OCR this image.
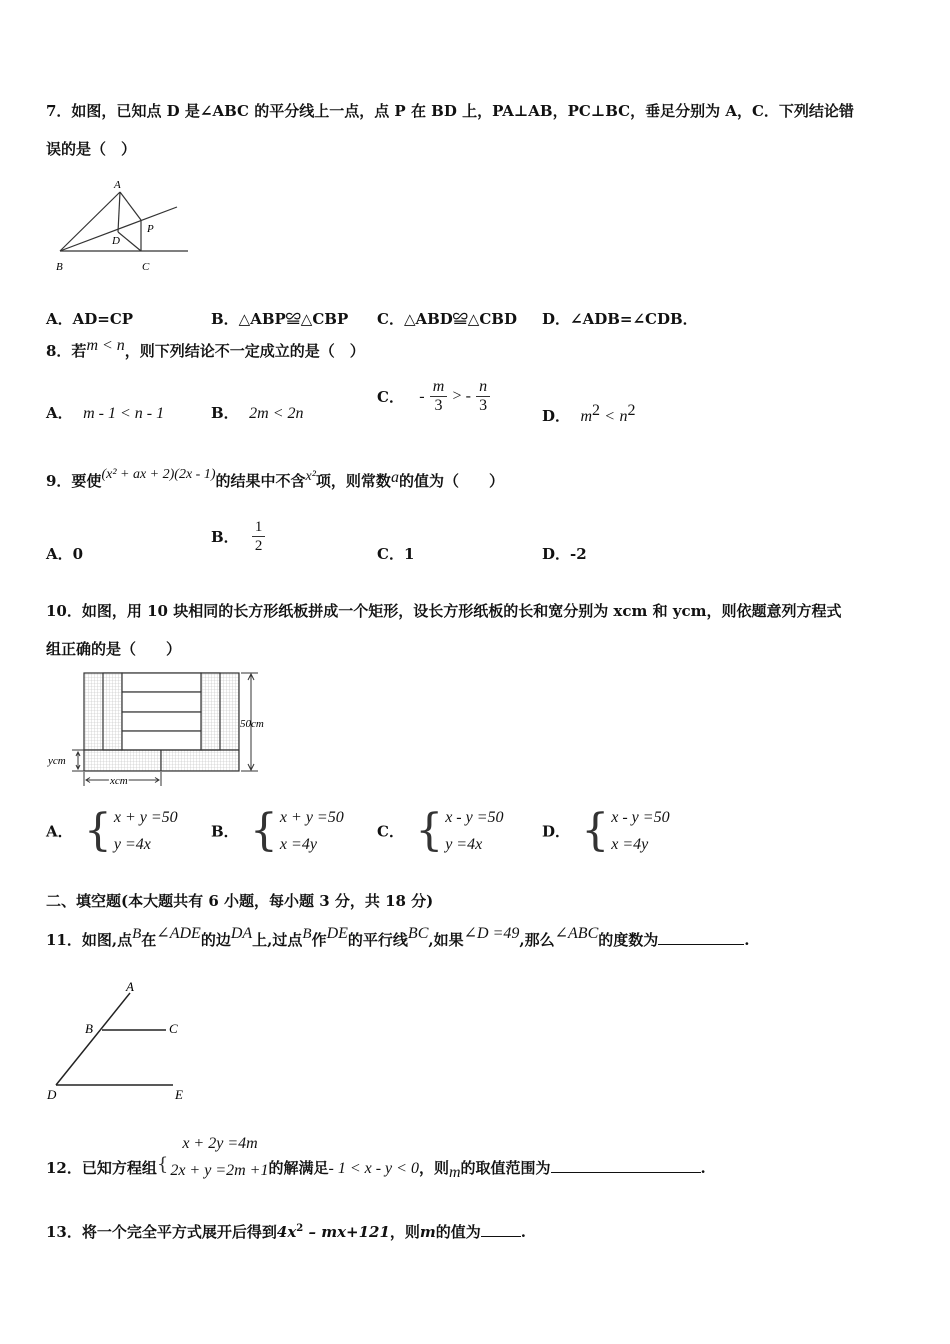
7．如图，已知点 D 是∠ABC 的平分线上一点，点 P 在 BD 上，PA⊥AB，PC⊥BC，垂足分别为 A，C．下列结论错
误的是（　）
A
B	C
D
P
A．AD=CP	B．△ABP≌△CBP C．△ABD≌△CBD D．∠ADB=∠CDB．
8．若m < n，则下列结论不一定成立的是（　）
A． m - 1 < n - 1	B． 2m < 2n
C． - $\frac{m}{3}$ > - $\frac{n}{3}$
D． $m^2 < n^2$
9．要使(x² + ax + 2)(2x - 1)的结果中不含x²项，则常数a的值为（　　）
A．0
B． $\frac{1}{2}$	C．1	D．-2
10．如图，用 10 块相同的长方形纸板拼成一个矩形，设长方形纸板的长和宽分别为 xcm 和 ycm，则依题意列方程式
组正确的是（　　）
50cm
ycm
xcm
A． { x + y =50
y =4x
B． { x + y =50
x =4y
C． { x - y =50
y =4x
D． { x - y =50
x =4y
二、填空题(本大题共有 6 小题，每小题 3 分，共 18 分)
11．如图,点B在∠ADE的边DA上,过点B作DE的平行线BC,如果∠D =49,那么∠ABC的度数为	.
A
B	C
D	E
12．已知方程组 {
x + 2y =4m
2x + y =2m +1 的解满足- 1 < x - y < 0，则m的取值范围为	.
13．将一个完全平方式展开后得到$4x^2 - mx+121$，则m的值为	.
